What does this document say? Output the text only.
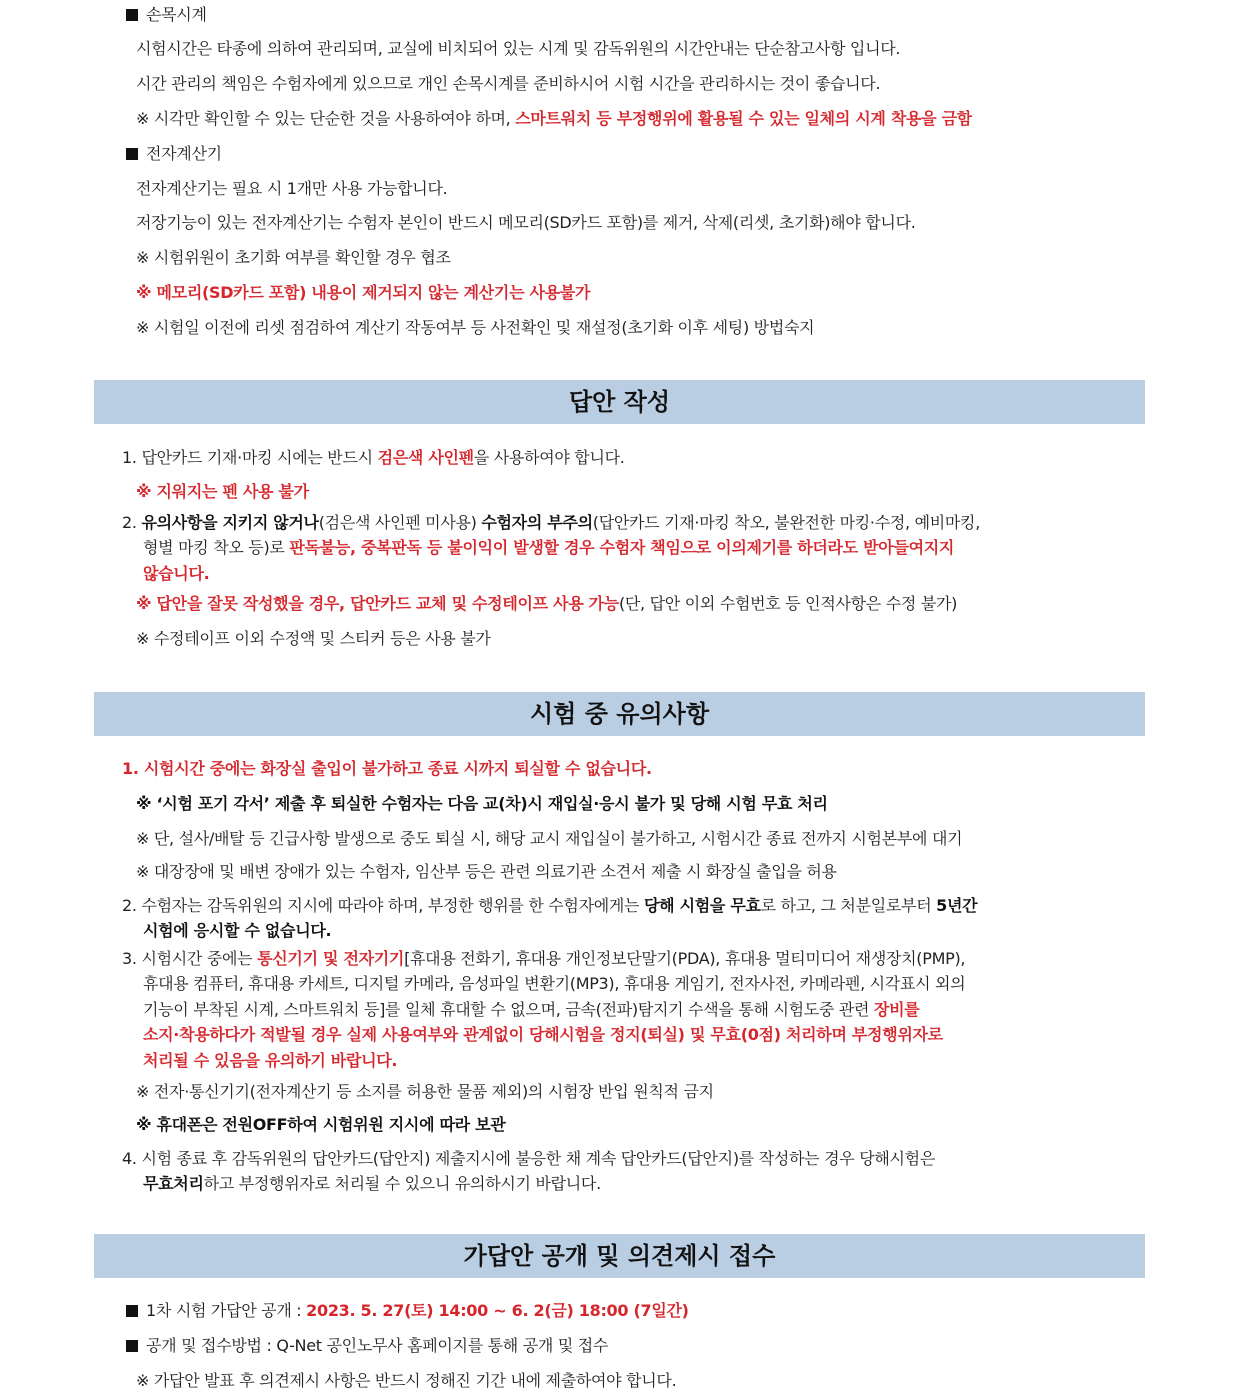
손목시계
시험시간은 타종에 의하여 관리되며, 교실에 비치되어 있는 시계 및 감독위원의 시간안내는 단순참고사항 입니다.
시간 관리의 책임은 수험자에게 있으므로 개인 손목시계를 준비하시어 시험 시간을 관리하시는 것이 좋습니다.
※ 시각만 확인할 수 있는 단순한 것을 사용하여야 하며, 스마트워치 등 부정행위에 활용될 수 있는 일체의 시계 착용을 금함
전자계산기
전자계산기는 필요 시 1개만 사용 가능합니다.
저장기능이 있는 전자계산기는 수험자 본인이 반드시 메모리(SD카드 포함)를 제거, 삭제(리셋, 초기화)해야 합니다.
※ 시험위원이 초기화 여부를 확인할 경우 협조
※ 메모리(SD카드 포함) 내용이 제거되지 않는 계산기는 사용불가
※ 시험일 이전에 리셋 점검하여 계산기 작동여부 등 사전확인 및 재설정(초기화 이후 세팅) 방법숙지
답안 작성
1. 답안카드 기재·마킹 시에는 반드시 검은색 사인펜을 사용하여야 합니다.
※ 지워지는 펜 사용 불가
2. 유의사항을 지키지 않거나(검은색 사인펜 미사용) 수험자의 부주의(답안카드 기재·마킹 착오, 불완전한 마킹·수정, 예비마킹,
형별 마킹 착오 등)로 판독불능, 중복판독 등 불이익이 발생할 경우 수험자 책임으로 이의제기를 하더라도 받아들여지지
않습니다.
※ 답안을 잘못 작성했을 경우, 답안카드 교체 및 수정테이프 사용 가능(단, 답안 이외 수험번호 등 인적사항은 수정 불가)
※ 수정테이프 이외 수정액 및 스티커 등은 사용 불가
시험 중 유의사항
1. 시험시간 중에는 화장실 출입이 불가하고 종료 시까지 퇴실할 수 없습니다.
※ ‘시험 포기 각서’ 제출 후 퇴실한 수험자는 다음 교(차)시 재입실·응시 불가 및 당해 시험 무효 처리
※ 단, 설사/배탈 등 긴급사항 발생으로 중도 퇴실 시, 해당 교시 재입실이 불가하고, 시험시간 종료 전까지 시험본부에 대기
※ 대장장애 및 배변 장애가 있는 수험자, 임산부 등은 관련 의료기관 소견서 제출 시 화장실 출입을 허용
2. 수험자는 감독위원의 지시에 따라야 하며, 부정한 행위를 한 수험자에게는 당해 시험을 무효로 하고, 그 처분일로부터 5년간
시험에 응시할 수 없습니다.
3. 시험시간 중에는 통신기기 및 전자기기[휴대용 전화기, 휴대용 개인정보단말기(PDA), 휴대용 멀티미디어 재생장치(PMP),
휴대용 컴퓨터, 휴대용 카세트, 디지털 카메라, 음성파일 변환기(MP3), 휴대용 게임기, 전자사전, 카메라펜, 시각표시 외의
기능이 부착된 시계, 스마트워치 등]를 일체 휴대할 수 없으며, 금속(전파)탐지기 수색을 통해 시험도중 관련 장비를
소지·착용하다가 적발될 경우 실제 사용여부와 관계없이 당해시험을 정지(퇴실) 및 무효(0점) 처리하며 부정행위자로
처리될 수 있음을 유의하기 바랍니다.
※ 전자·통신기기(전자계산기 등 소지를 허용한 물품 제외)의 시험장 반입 원칙적 금지
※ 휴대폰은 전원OFF하여 시험위원 지시에 따라 보관
4. 시험 종료 후 감독위원의 답안카드(답안지) 제출지시에 불응한 채 계속 답안카드(답안지)를 작성하는 경우 당해시험은
무효처리하고 부정행위자로 처리될 수 있으니 유의하시기 바랍니다.
가답안 공개 및 의견제시 접수
1차 시험 가답안 공개 : 2023. 5. 27(토) 14:00 ~ 6. 2(금) 18:00 (7일간)
공개 및 접수방법 : Q-Net 공인노무사 홈페이지를 통해 공개 및 접수
※ 가답안 발표 후 의견제시 사항은 반드시 정해진 기간 내에 제출하여야 합니다.
